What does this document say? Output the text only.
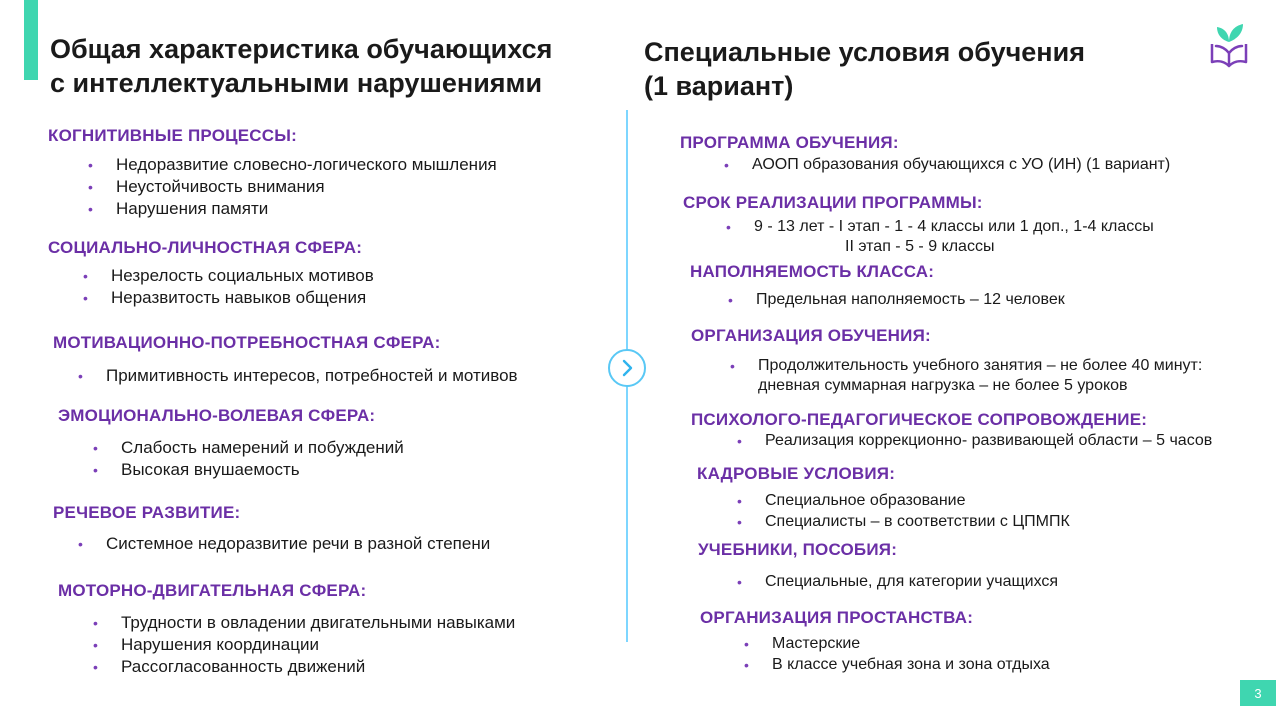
Общая характеристика обучающихся
с интеллектуальными нарушениями
Специальные условия обучения
(1 вариант)
КОГНИТИВНЫЕ ПРОЦЕССЫ:
• Недоразвитие словесно-логического мышления
• Неустойчивость внимания
• Нарушения памяти
СОЦИАЛЬНО-ЛИЧНОСТНАЯ СФЕРА:
• Незрелость социальных мотивов
• Неразвитость навыков общения
МОТИВАЦИОННО-ПОТРЕБНОСТНАЯ СФЕРА:
• Примитивность интересов, потребностей и мотивов
ЭМОЦИОНАЛЬНО-ВОЛЕВАЯ СФЕРА:
• Слабость намерений и побуждений
• Высокая внушаемость
РЕЧЕВОЕ РАЗВИТИЕ:
• Системное недоразвитие речи в разной степени
МОТОРНО-ДВИГАТЕЛЬНАЯ СФЕРА:
• Трудности в овладении двигательными навыками
• Нарушения координации
• Рассогласованность движений
ПРОГРАММА ОБУЧЕНИЯ:
• АООП образования обучающихся с УО (ИН) (1 вариант)
СРОК РЕАЛИЗАЦИИ ПРОГРАММЫ:
• 9 - 13 лет - I этап - 1 - 4 классы или 1 доп., 1-4 классы
II этап - 5 - 9 классы
НАПОЛНЯЕМОСТЬ КЛАССА:
• Предельная наполняемость – 12 человек
ОРГАНИЗАЦИЯ ОБУЧЕНИЯ:
• Продолжительность учебного занятия – не более 40 минут:
дневная суммарная нагрузка – не более 5 уроков
ПСИХОЛОГО-ПЕДАГОГИЧЕСКОЕ СОПРОВОЖДЕНИЕ:
• Реализация коррекционно- развивающей области – 5 часов
КАДРОВЫЕ УСЛОВИЯ:
• Специальное образование
• Специалисты – в соответствии с ЦПМПК
УЧЕБНИКИ, ПОСОБИЯ:
• Специальные, для категории учащихся
ОРГАНИЗАЦИЯ ПРОСТАНСТВА:
• Мастерские
• В классе учебная зона и зона отдыха
3
